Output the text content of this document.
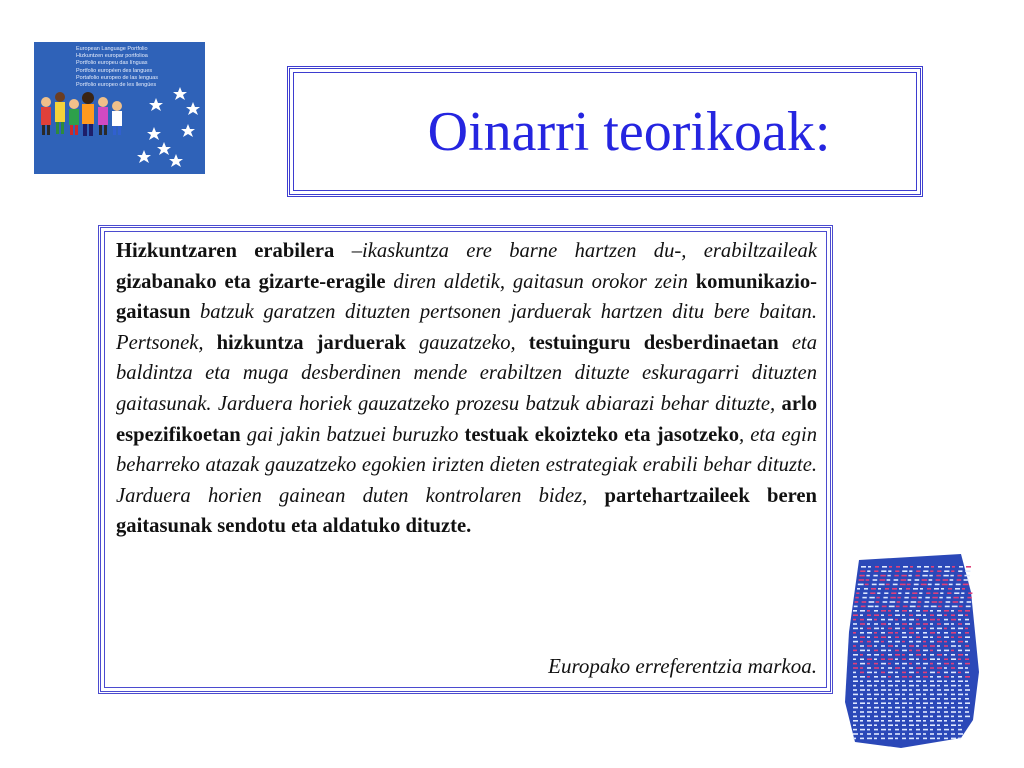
European Language Portfolio
Hizkuntzen europar portfolioa
Portfolio europeu das línguas
Portfolio européen des langues
Portafolio europeo de las lenguas
Portfolio europeo de les llengües
Oinarri teorikoak:
Hizkuntzaren erabilera –ikaskuntza ere barne hartzen du-, erabiltzaileak gizabanako eta gizarte-eragile diren aldetik, gaitasun orokor zein komunikazio-gaitasun batzuk garatzen dituzten pertsonen jarduerak hartzen ditu bere baitan. Pertsonek, hizkuntza jarduerak gauzatzeko, testuinguru desberdinaetan eta baldintza eta muga desberdinen mende erabiltzen dituzte eskuragarri dituzten gaitasunak. Jarduera horiek gauzatzeko prozesu batzuk abiarazi behar dituzte, arlo espezifikoetan gai jakin batzuei buruzko testuak ekoizteko eta jasotzeko, eta egin beharreko atazak gauzatzeko egokien irizten dieten estrategiak erabili behar dituzte. Jarduera horien gainean duten kontrolaren bidez, partehartzaileek beren gaitasunak sendotu eta aldatuko dituzte.
Europako erreferentzia markoa.
